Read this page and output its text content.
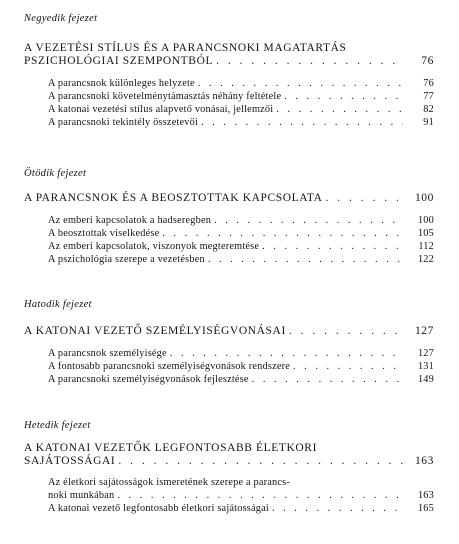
Negyedik fejezet

A VEZETÉSI STÍLUS ÉS A PARANCSNOKI MAGATARTÁS
PSZICHOLÓGIAI SZEMPONTBÓL . . .	76
A parancsnok különleges helyzete . . .	76
A parancsnoki követelménytámasztás néhány feltétele . . .	77
A katonai vezetési stílus alapvető vonásai, jellemzői . . .	82
A parancsnoki tekintély összetevői . . .	91

Ötödik fejezet

A PARANCSNOK ÉS A BEOSZTOTTAK KAPCSOLATA . . .	100
Az emberi kapcsolatok a hadseregben . . .	100
A beosztottak viselkedése . . .	105
Az emberi kapcsolatok, viszonyok megteremtése . . .	112
A pszichológia szerepe a vezetésben . . .	122

Hatodik fejezet

A KATONAI VEZETŐ SZEMÉLYISÉGVONÁSAI . . .	127
A parancsnok személyisége . . .	127
A fontosabb parancsnoki személyiségvonások rendszere . . .	131
A parancsnoki személyiségvonások fejlesztése . . .	149

Hetedik fejezet

A KATONAI VEZETŐK LEGFONTOSABB ÉLETKORI
SAJÁTOSSÁGAI . . .	163
Az életkori sajátosságok ismeretének szerepe a parancs-
noki munkában . . .	163
A katonai vezető legfontosabb életkori sajátosságai . . .	165
